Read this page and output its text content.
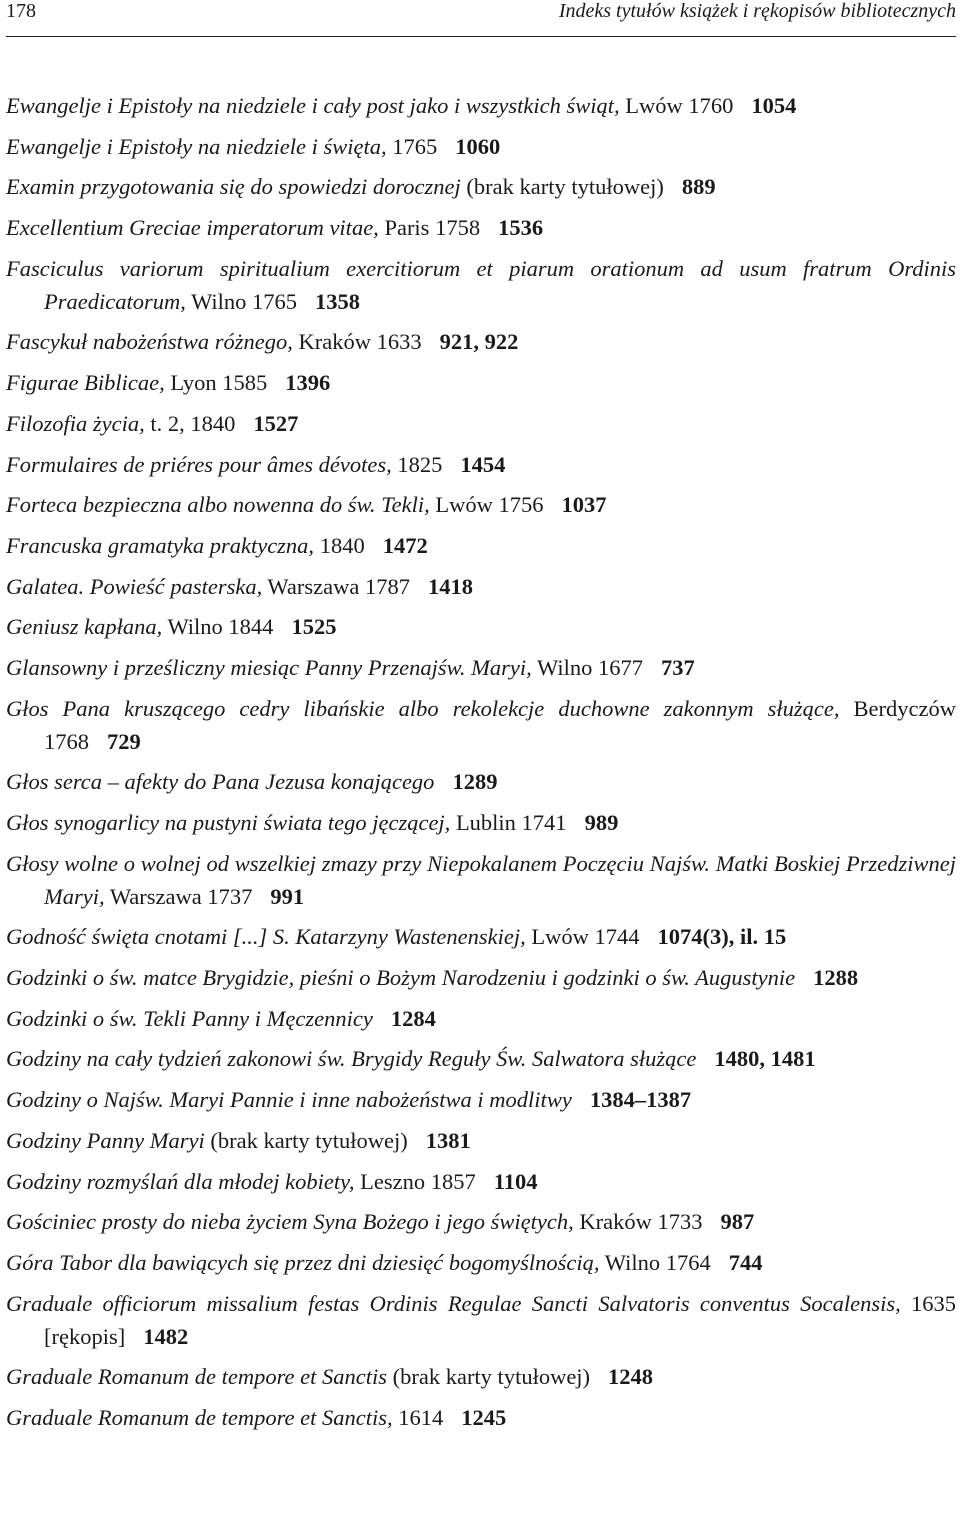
178	Indeks tytułów książek i rękopisów bibliotecznych
Ewangelje i Epistoły na niedziele i cały post jako i wszystkich świąt, Lwów 1760 1054
Ewangelje i Epistoły na niedziele i święta, 1765 1060
Examin przygotowania się do spowiedzi dorocznej (brak karty tytułowej) 889
Excellentium Greciae imperatorum vitae, Paris 1758 1536
Fasciculus variorum spiritualium exercitiorum et piarum orationum ad usum fratrum Ordinis Praedicatorum, Wilno 1765 1358
Fascykuł nabożeństwa różnego, Kraków 1633 921, 922
Figurae Biblicae, Lyon 1585 1396
Filozofia życia, t. 2, 1840 1527
Formulaires de priéres pour âmes dévotes, 1825 1454
Forteca bezpieczna albo nowenna do św. Tekli, Lwów 1756 1037
Francuska gramatyka praktyczna, 1840 1472
Galatea. Powieść pasterska, Warszawa 1787 1418
Geniusz kapłana, Wilno 1844 1525
Glansowny i prześliczny miesiąc Panny Przenajśw. Maryi, Wilno 1677 737
Głos Pana kruszącego cedry libańskie albo rekolekcje duchowne zakonnym służące, Berdyczów 1768 729
Głos serca – afekty do Pana Jezusa konającego 1289
Głos synogarlicy na pustyni świata tego jęczącej, Lublin 1741 989
Głosy wolne o wolnej od wszelkiej zmazy przy Niepokalanem Poczęciu Najśw. Matki Boskiej Przedziwnej Maryi, Warszawa 1737 991
Godność święta cnotami [...] S. Katarzyny Wastenenskiej, Lwów 1744 1074(3), il. 15
Godzinki o św. matce Brygidzie, pieśni o Bożym Narodzeniu i godzinki o św. Augustynie 1288
Godzinki o św. Tekli Panny i Męczennicy 1284
Godziny na cały tydzień zakonowi św. Brygidy Reguły Św. Salwatora służące 1480, 1481
Godziny o Najśw. Maryi Pannie i inne nabożeństwa i modlitwy 1384–1387
Godziny Panny Maryi (brak karty tytułowej) 1381
Godziny rozmyślań dla młodej kobiety, Leszno 1857 1104
Gościniec prosty do nieba życiem Syna Bożego i jego świętych, Kraków 1733 987
Góra Tabor dla bawiących się przez dni dziesięć bogomyślnością, Wilno 1764 744
Graduale officiorum missalium festas Ordinis Regulae Sancti Salvatoris conventus Socalensis, 1635 [rękopis] 1482
Graduale Romanum de tempore et Sanctis (brak karty tytułowej) 1248
Graduale Romanum de tempore et Sanctis, 1614 1245
